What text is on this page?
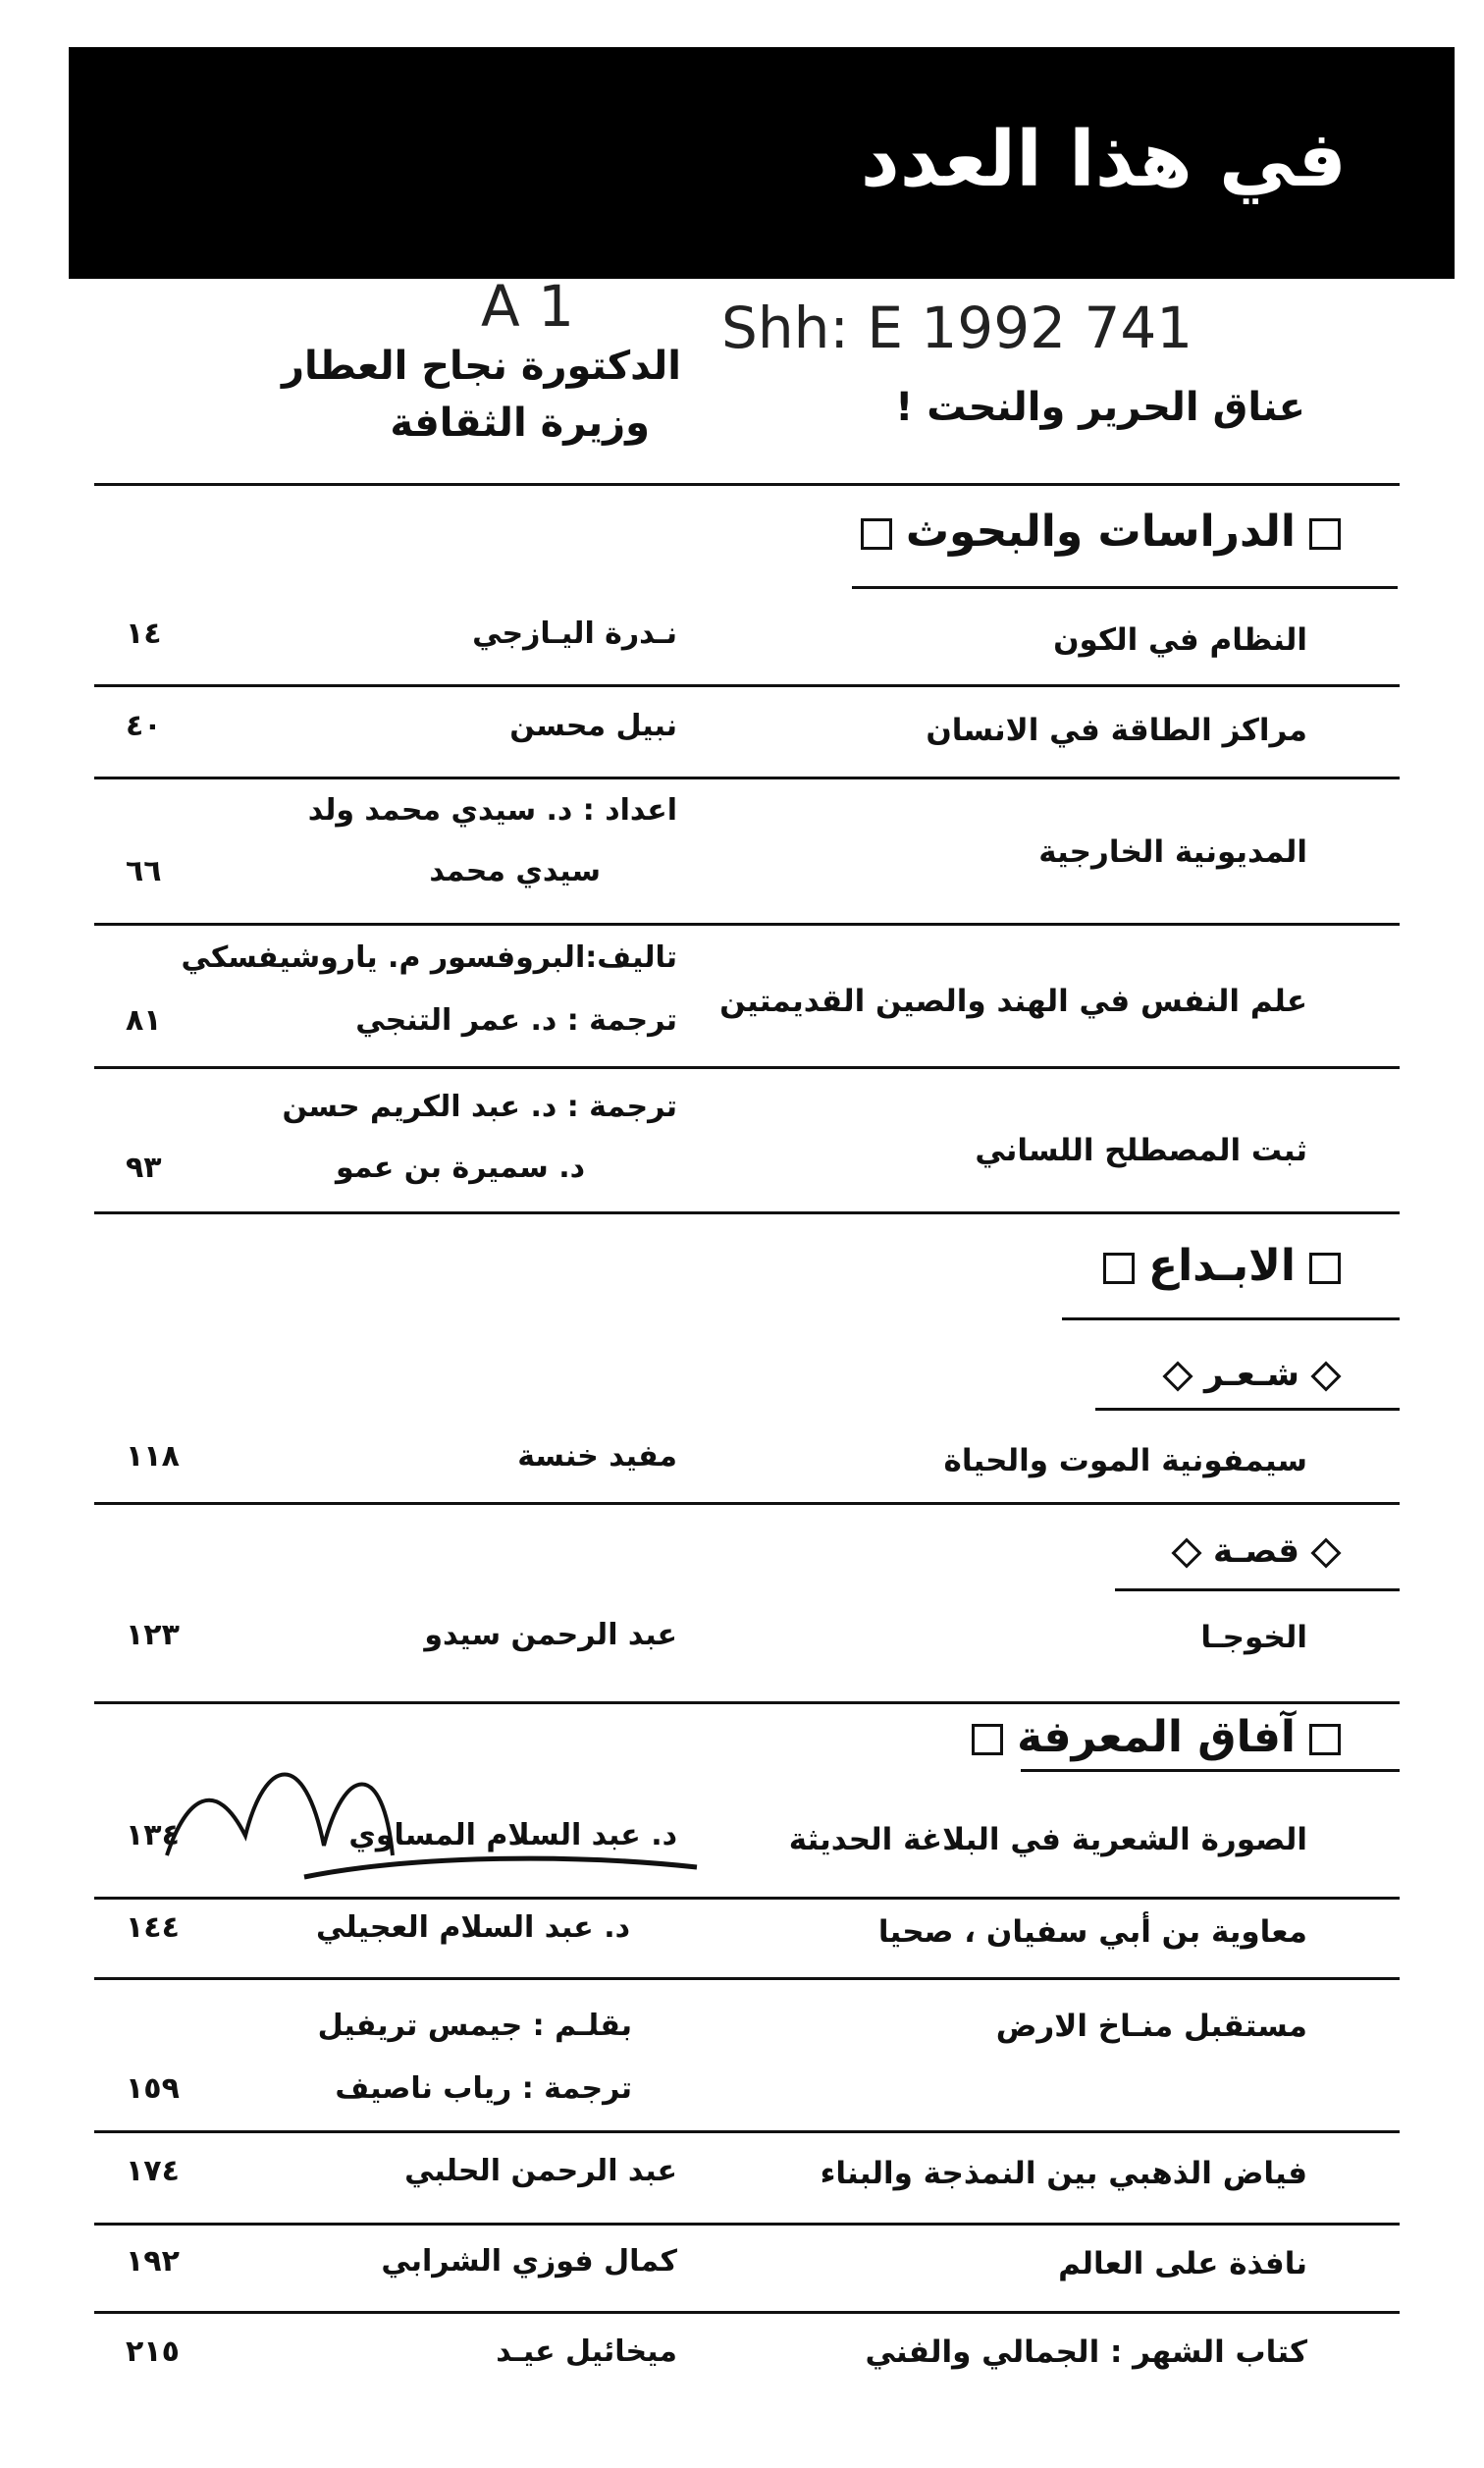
في هذا العدد
A 1	Shh: E 1992 741
الدكتورة نجاح العطار
وزيرة الثقافة	عناق الحرير والنحت !
الدراسات والبحوث
النظام في الكون
نـدرة اليـازجي
١٤
مراكز الطاقة في الانسان
نبيل محسن
٤٠
المديونية الخارجية
اعداد : د. سيدي محمد ولد
سيدي محمد
٦٦
علم النفس في الهند والصين القديمتين
تاليف:البروفسور م. ياروشيفسكي
ترجمة : د. عمر التنجي
٨١
ثبت المصطلح اللساني
ترجمة : د. عبد الكريم حسن
د. سميرة بن عمو
٩٣
الابـداع
شـعـر
سيمفونية الموت والحياة
مفيد خنسة
١١٨
قصـة
الخوجـا
عبد الرحمن سيدو
١٢٣
آفاق المعرفة
الصورة الشعرية في البلاغة الحديثة
د. عبد السلام المساوي
١٣٤
معاوية بن أبي سفيان ، صحيا
د. عبد السلام العجيلي
١٤٤
مستقبل منـاخ الارض
بقلـم : جيمس تريفيل
ترجمة : رياب ناصيف
١٥٩
فياض الذهبي بين النمذجة والبناء
عبد الرحمن الحلبي
١٧٤
نافذة على العالم
كمال فوزي الشرابي
١٩٢
كتاب الشهر : الجمالي والفني
ميخائيل عيـد
٢١٥
